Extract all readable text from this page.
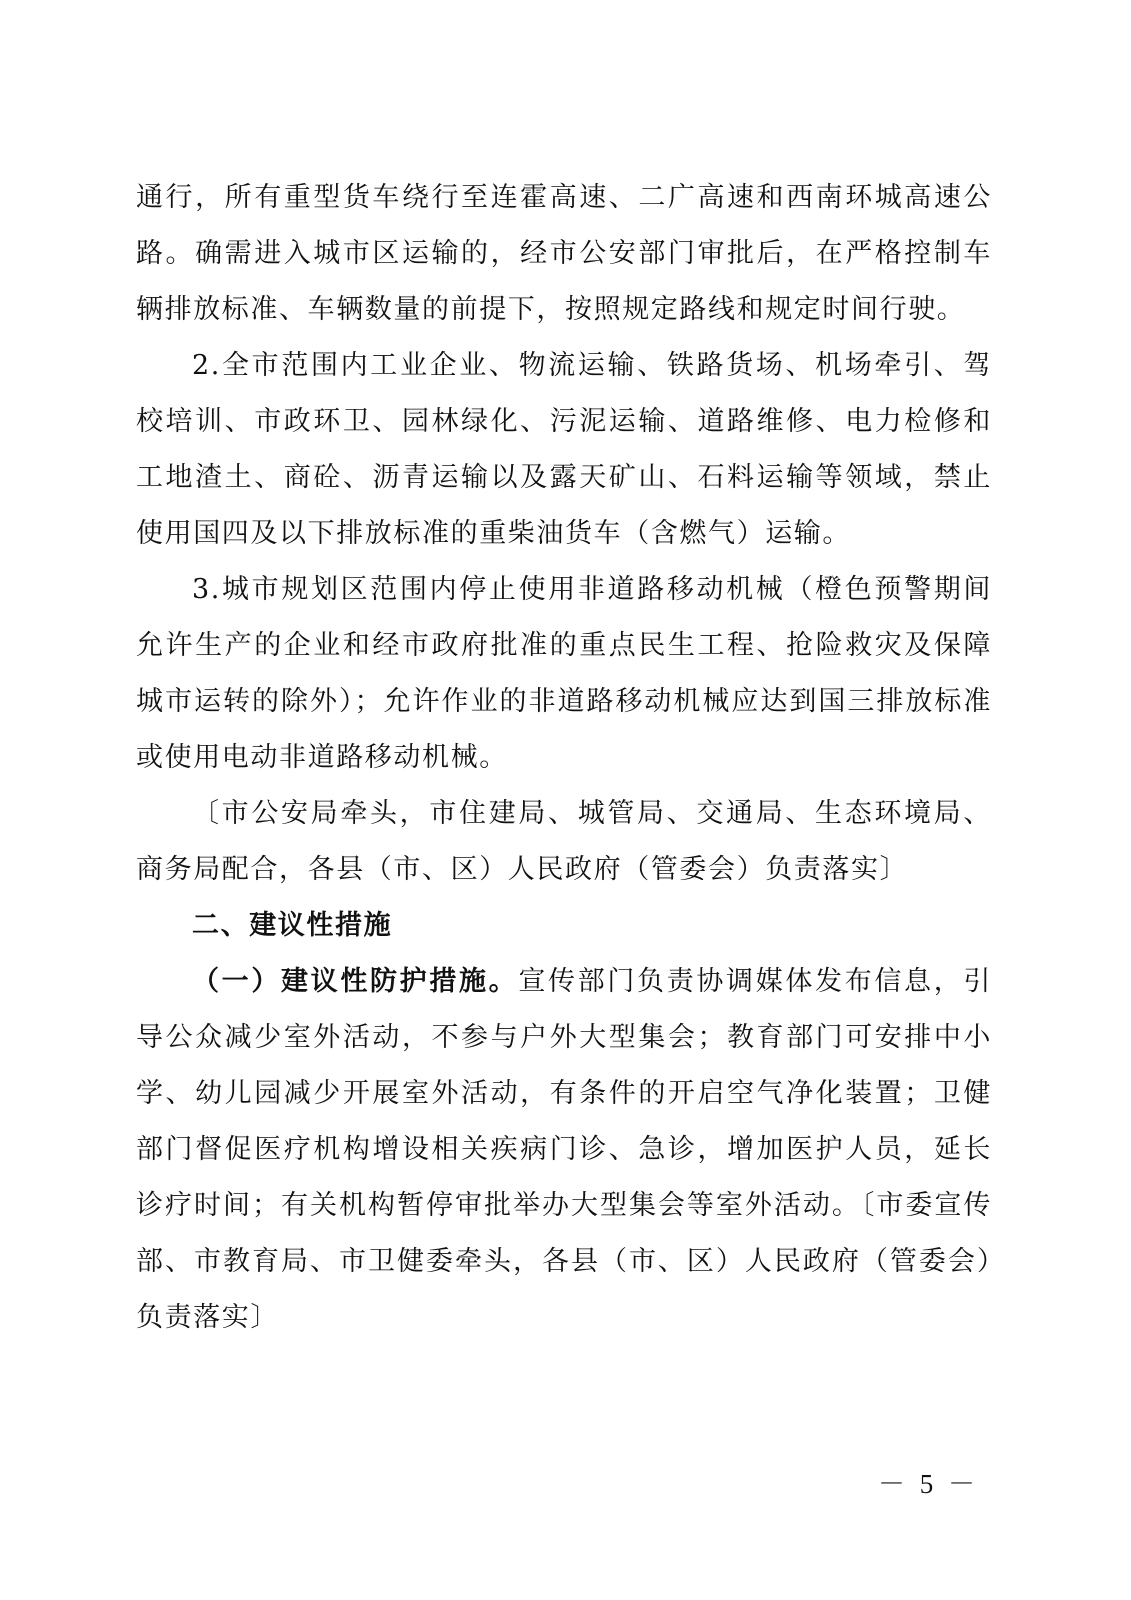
通行，所有重型货车绕行至连霍高速、二广高速和西南环城高速公路。确需进入城市区运输的，经市公安部门审批后，在严格控制车辆排放标准、车辆数量的前提下，按照规定路线和规定时间行驶。

2.全市范围内工业企业、物流运输、铁路货场、机场牵引、驾校培训、市政环卫、园林绿化、污泥运输、道路维修、电力检修和工地渣土、商砼、沥青运输以及露天矿山、石料运输等领域，禁止使用国四及以下排放标准的重柴油货车（含燃气）运输。

3.城市规划区范围内停止使用非道路移动机械（橙色预警期间允许生产的企业和经市政府批准的重点民生工程、抢险救灾及保障城市运转的除外）；允许作业的非道路移动机械应达到国三排放标准或使用电动非道路移动机械。

〔市公安局牵头，市住建局、城管局、交通局、生态环境局、商务局配合，各县（市、区）人民政府（管委会）负责落实〕

二、建议性措施

（一）建议性防护措施。宣传部门负责协调媒体发布信息，引导公众减少室外活动，不参与户外大型集会；教育部门可安排中小学、幼儿园减少开展室外活动，有条件的开启空气净化装置；卫健部门督促医疗机构增设相关疾病门诊、急诊，增加医护人员，延长诊疗时间；有关机构暂停审批举办大型集会等室外活动。〔市委宣传部、市教育局、市卫健委牵头，各县（市、区）人民政府（管委会）负责落实〕

－ 5 －
